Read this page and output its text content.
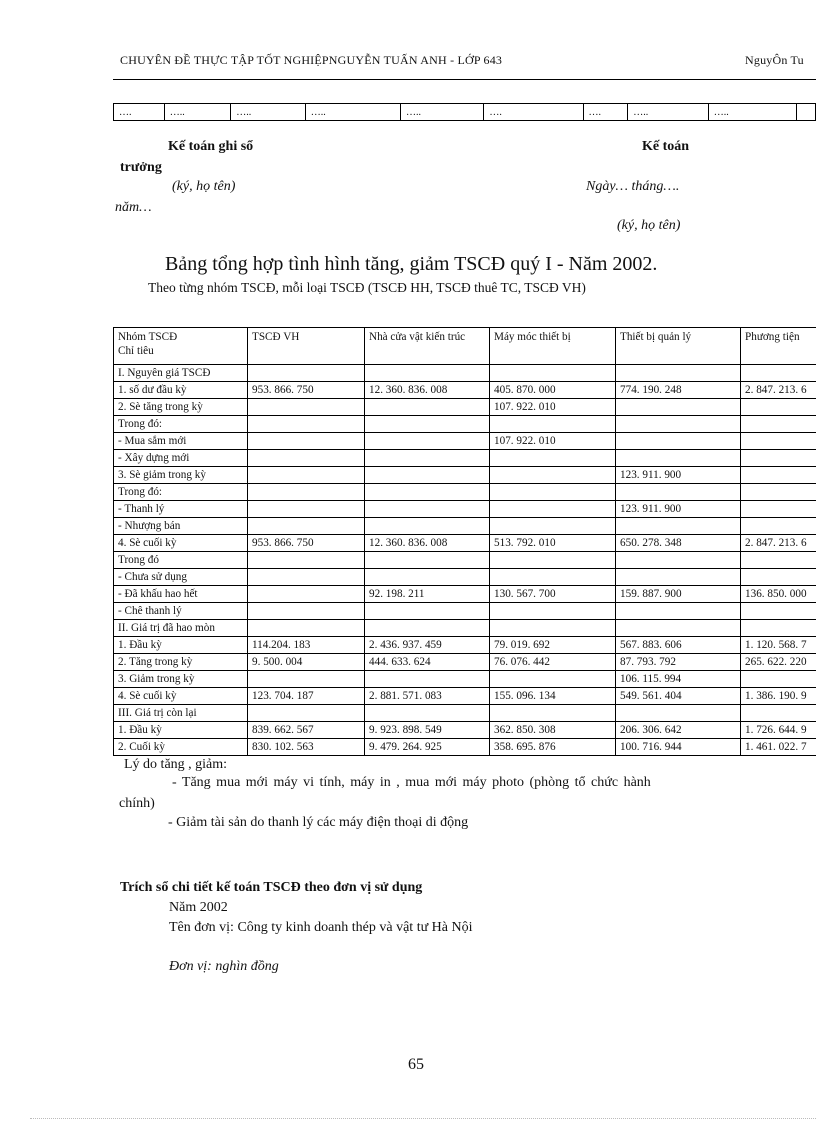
CHUYÊN ĐỀ THỰC TẬP TỐT NGHIỆPNGUYỄN TUẤN ANH - LỚP 643	NguyÔn Tu
….	…..	…..	…..	…..	….	….	…..	…..	
Kế toán ghi sổ
trưởng
(ký, họ tên)
năm…
Kế toán
Ngày… tháng….
(ký, họ tên)
Bảng tổng hợp tình hình tăng, giảm TSCĐ quý I - Năm 2002.
Theo từng nhóm TSCĐ, mỗi loại TSCĐ (TSCĐ HH, TSCĐ thuê TC, TSCĐ VH)
Nhóm TSCĐ
Chỉ tiêu	TSCĐ VH	Nhà cửa vật kiến trúc	Máy móc thiết bị	Thiết bị quản lý	Phương tiện
I. Nguyên giá TSCĐ					
1. số dư đầu kỳ	953. 866. 750	12. 360. 836. 008	405. 870. 000	774. 190. 248	2. 847. 213. 6
2. Sè tăng trong kỳ			107. 922. 010		
Trong đó:					
- Mua sắm mới			107. 922. 010		
- Xây dựng mới					
3. Sè giảm trong kỳ				123. 911. 900	
Trong đó:					
- Thanh lý				123. 911. 900	
- Nhượng bán					
4. Sè cuối kỳ	953. 866. 750	12. 360. 836. 008	513. 792. 010	650. 278. 348	2. 847. 213. 6
Trong đó					
- Chưa sử dụng					
- Đã khấu hao hết		92. 198. 211	130. 567. 700	159. 887. 900	136. 850. 000
- Chê thanh lý					
II. Giá trị đã hao mòn					
1. Đầu kỳ	114.204. 183	2. 436. 937. 459	79. 019. 692	567. 883. 606	1. 120. 568. 7
2. Tăng trong kỳ	9. 500. 004	444. 633. 624	76. 076. 442	87. 793. 792	265. 622. 220
3. Giảm trong kỳ				106. 115. 994	
4. Sè cuối kỳ	123. 704. 187	2. 881. 571. 083	155. 096. 134	549. 561. 404	1. 386. 190. 9
III. Giá trị còn lại					
1. Đầu kỳ	839. 662. 567	9. 923. 898. 549	362. 850. 308	206. 306. 642	1. 726. 644. 9
2. Cuối kỳ	830. 102. 563	9. 479. 264. 925	358. 695. 876	100. 716. 944	1. 461. 022. 7
Lý do tăng , giảm:
- Tăng mua mới máy vi tính, máy in , mua mới máy photo (phòng tổ chức hành
chính)
- Giảm tài sản do thanh lý các máy điện thoại di động
Trích sổ chi tiết kế toán TSCĐ theo đơn vị sử dụng
Năm 2002
Tên đơn vị: Công ty kinh doanh thép và vật tư Hà Nội
Đơn vị: nghìn đồng
65
